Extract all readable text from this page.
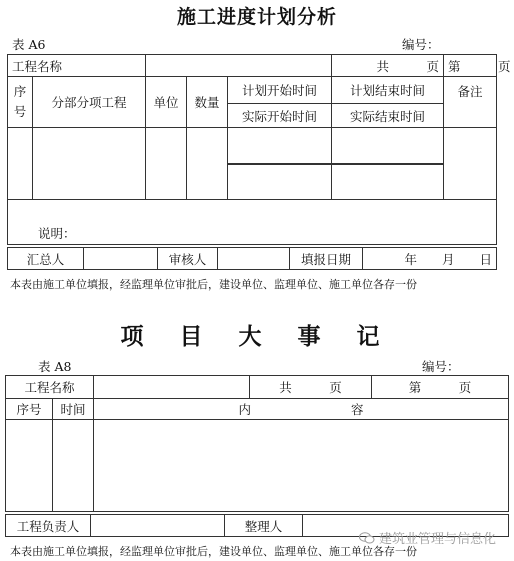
施工进度计划分析
表 A6	编号：
工程名称		共　　　页	第　　　页
序号	分部分项工程	单位	数量	计划开始时间	计划结束时间	备注
实际开始时间	实际结束时间

说明：
汇总人		审核人		填报日期	年　　月　　日
本表由施工单位填报，经监理单位审批后，建设单位、监理单位、施工单位各存一份
项 目 大 事 记
表 A8	编号：
工程名称			共　　　页	第　　　页
序号	时间	内　　　　　　　　容		

工程负责人		整理人	
本表由施工单位填报，经监理单位审批后，建设单位、监理单位、施工单位各存一份
建筑业管理与信息化
